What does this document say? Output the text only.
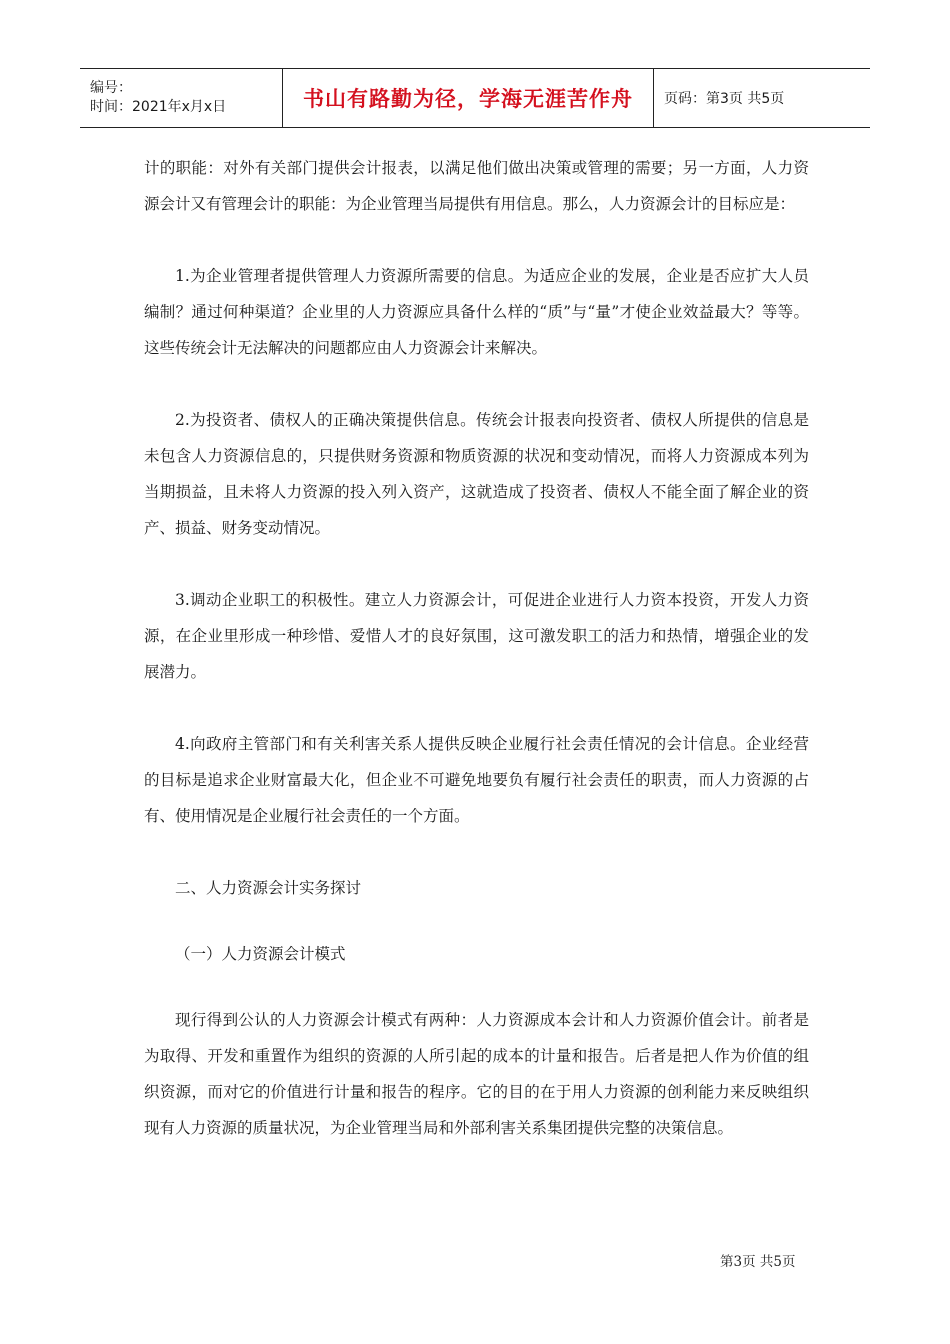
编号：
时间：2021年x月x日	书山有路勤为径，学海无涯苦作舟 页码：第3页 共5页

计的职能：对外有关部门提供会计报表，以满足他们做出决策或管理的需要；另一方面，人力资源会计又有管理会计的职能：为企业管理当局提供有用信息。那么，人力资源会计的目标应是：

1.为企业管理者提供管理人力资源所需要的信息。为适应企业的发展，企业是否应扩大人员编制？通过何种渠道？企业里的人力资源应具备什么样的“质”与“量”才使企业效益最大？等等。这些传统会计无法解决的问题都应由人力资源会计来解决。

2.为投资者、债权人的正确决策提供信息。传统会计报表向投资者、债权人所提供的信息是未包含人力资源信息的，只提供财务资源和物质资源的状况和变动情况，而将人力资源成本列为当期损益，且未将人力资源的投入列入资产，这就造成了投资者、债权人不能全面了解企业的资产、损益、财务变动情况。

3.调动企业职工的积极性。建立人力资源会计，可促进企业进行人力资本投资，开发人力资源，在企业里形成一种珍惜、爱惜人才的良好氛围，这可激发职工的活力和热情，增强企业的发展潜力。

4.向政府主管部门和有关利害关系人提供反映企业履行社会责任情况的会计信息。企业经营的目标是追求企业财富最大化，但企业不可避免地要负有履行社会责任的职责，而人力资源的占有、使用情况是企业履行社会责任的一个方面。

二、人力资源会计实务探讨

（一）人力资源会计模式

现行得到公认的人力资源会计模式有两种：人力资源成本会计和人力资源价值会计。前者是为取得、开发和重置作为组织的资源的人所引起的成本的计量和报告。后者是把人作为价值的组织资源，而对它的价值进行计量和报告的程序。它的目的在于用人力资源的创利能力来反映组织现有人力资源的质量状况，为企业管理当局和外部利害关系集团提供完整的决策信息。

第3页 共5页
